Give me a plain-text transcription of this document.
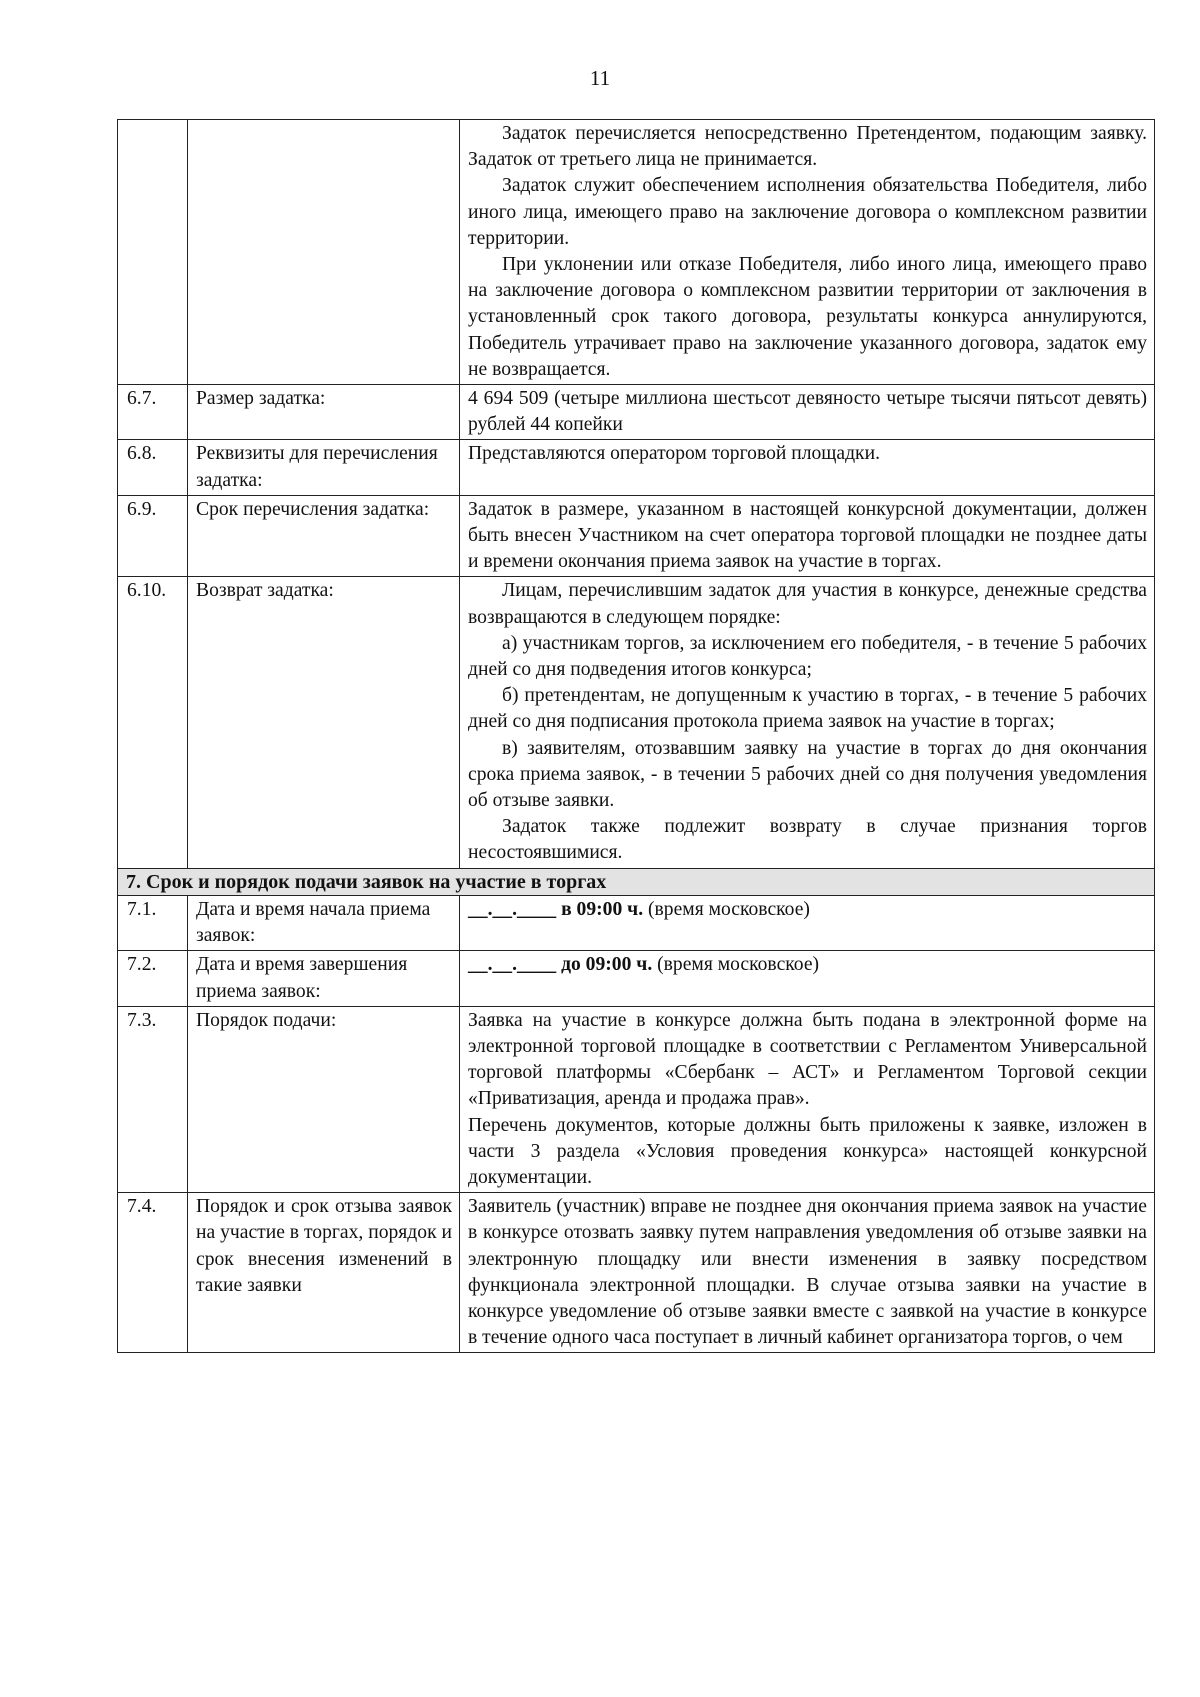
11

		Задаток перечисляется непосредственно Претендентом, подающим заявку. Задаток от третьего лица не принимается.

Задаток служит обеспечением исполнения обязательства Победителя, либо иного лица, имеющего право на заключение договора о комплексном развитии территории.

При уклонении или отказе Победителя, либо иного лица, имеющего право на заключение договора о комплексном развитии территории от заключения в установленный срок такого договора, результаты конкурса аннулируются, Победитель утрачивает право на заключение указанного договора, задаток ему не возвращается.

6.7.	Размер задатка:	4 694 509 (четыре миллиона шестьсот девяносто четыре тысячи пятьсот девять) рублей 44 копейки
6.8.	Реквизиты для перечисления задатка:	Представляются оператором торговой площадки.
6.9.	Срок перечисления задатка:	Задаток в размере, указанном в настоящей конкурсной документации, должен быть внесен Участником на счет оператора торговой площадки не позднее даты и времени окончания приема заявок на участие в торгах.
6.10.	Возврат задатка:	Лицам, перечислившим задаток для участия в конкурсе, денежные средства возвращаются в следующем порядке:

а) участникам торгов, за исключением его победителя, - в течение 5 рабочих дней со дня подведения итогов конкурса;

б) претендентам, не допущенным к участию в торгах, - в течение 5 рабочих дней со дня подписания протокола приема заявок на участие в торгах;

в) заявителям, отозвавшим заявку на участие в торгах до дня окончания срока приема заявок, - в течении 5 рабочих дней со дня получения уведомления об отзыве заявки.

Задаток также подлежит возврату в случае признания торгов несостоявшимися.

7. Срок и порядок подачи заявок на участие в торгах		
7.1.	Дата и время начала приема заявок:	__.__.____ в 09:00 ч. (время московское)
7.2.	Дата и время завершения приема заявок:	__.__.____ до 09:00 ч. (время московское)
7.3.	Порядок подачи:	Заявка на участие в конкурсе должна быть подана в электронной форме на электронной торговой площадке в соответствии с Регламентом Универсальной торговой платформы «Сбербанк – АСТ» и Регламентом Торговой секции «Приватизация, аренда и продажа прав».

Перечень документов, которые должны быть приложены к заявке, изложен в части 3 раздела «Условия проведения конкурса» настоящей конкурсной документации.

7.4.	Порядок и срок отзыва заявок на участие в торгах, порядок и срок внесения изменений в такие заявки	Заявитель (участник) вправе не позднее дня окончания приема заявок на участие в конкурсе отозвать заявку путем направления уведомления об отзыве заявки на электронную площадку или внести изменения в заявку посредством функционала электронной площадки. В случае отзыва заявки на участие в конкурсе уведомление об отзыве заявки вместе с заявкой на участие в конкурсе в течение одного часа поступает в личный кабинет организатора торгов, о чем
